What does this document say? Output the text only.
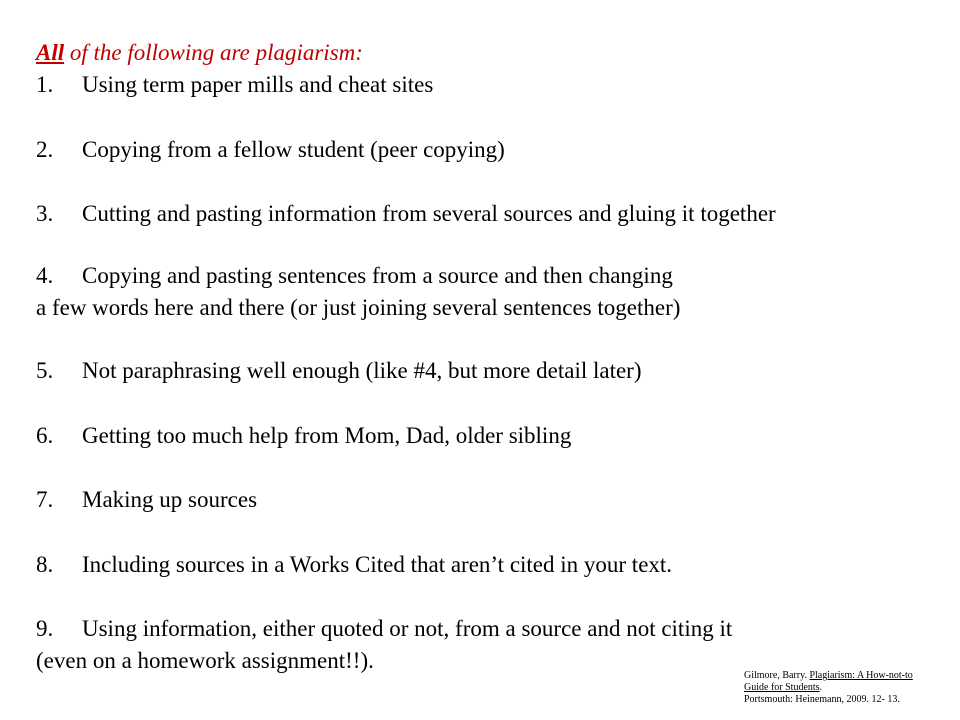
All of the following are plagiarism:
1. Using term paper mills and cheat sites
2. Copying from a fellow student (peer copying)
3. Cutting and pasting information from several sources and gluing it together
4. Copying and pasting sentences from a source and then changing
a few words here and there (or just joining several sentences together)
5. Not paraphrasing well enough (like #4, but more detail later)
6. Getting too much help from Mom, Dad, older sibling
7. Making up sources
8. Including sources in a Works Cited that aren’t cited in your text.
9. Using information, either quoted or not, from a source and not citing it
(even on a homework assignment!!).
Gilmore, Barry. Plagiarism: A How-not-to
Guide for Students.
Portsmouth: Heinemann, 2009. 12- 13.
